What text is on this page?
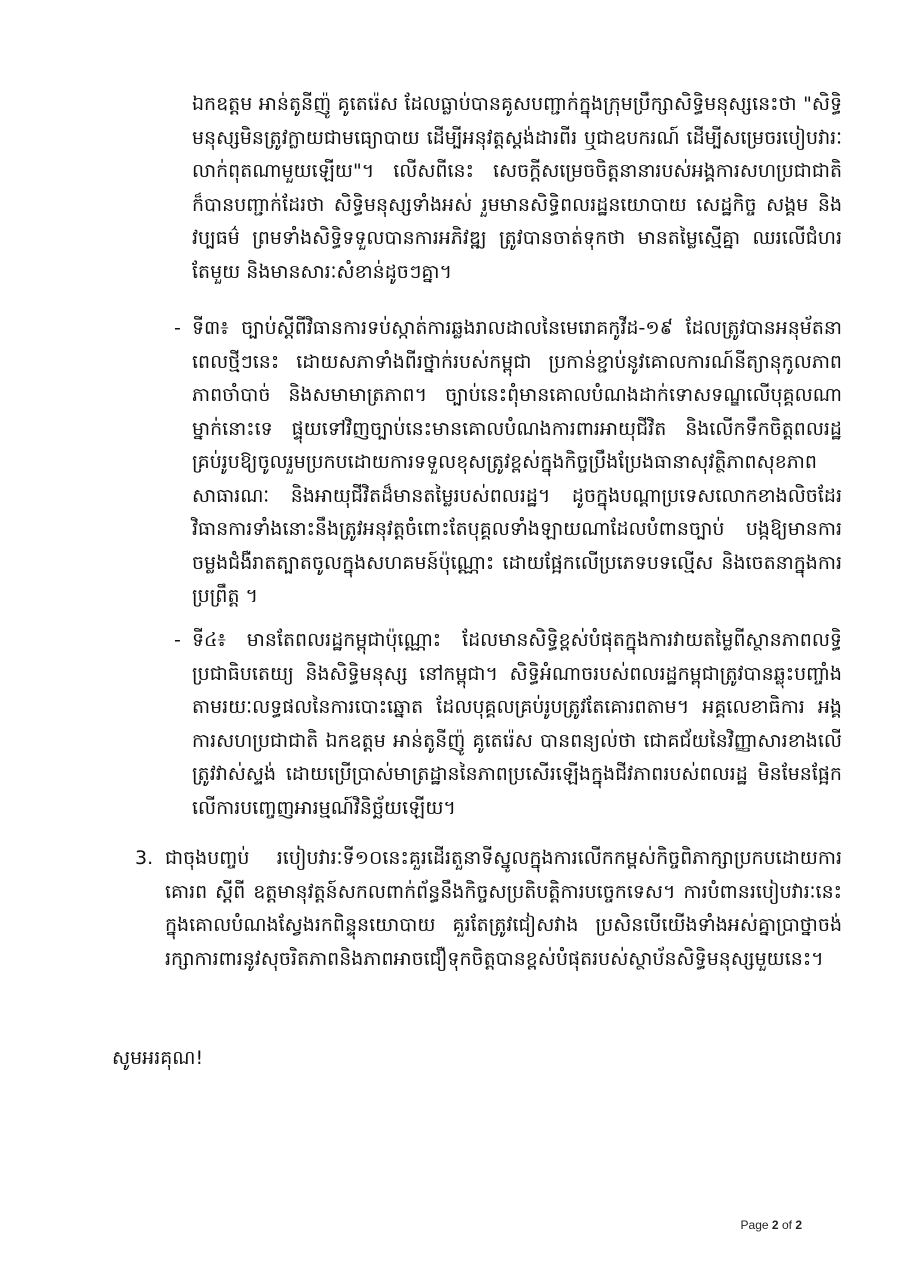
ឯកឧត្តម អាន់តូនីញ៉ូ គូតេរ៉េស ដែលធ្លាប់បានគូសបញ្ជាក់ក្នុងក្រុមប្រឹក្សាសិទ្ធិមនុស្សនេះថា "សិទ្ធិមនុស្សមិនត្រូវក្លាយជាមធ្យោបាយ ដើម្បីអនុវត្តស្តង់ដារពីរ ឬជាឧបករណ៍ ដើម្បីសម្រេចរបៀបវារៈលាក់ពុតណាមួយឡើយ"។ លើសពីនេះ សេចក្តីសម្រេចចិត្តនានារបស់អង្គការសហប្រជាជាតិក៏បានបញ្ជាក់ដែរថា សិទ្ធិមនុស្សទាំងអស់ រួមមានសិទ្ធិពលរដ្ឋនយោបាយ សេដ្ឋកិច្ច សង្គម និងវប្បធម៌ ព្រមទាំងសិទ្ធិទទួលបានការអភិវឌ្ឍ ត្រូវបានចាត់ទុកថា មានតម្លៃស្មើគ្នា ឈរលើជំហរតែមួយ និងមានសារៈសំខាន់ដូចៗគ្នា។
- ទី៣៖ ច្បាប់ស្តីពីវិធានការទប់ស្កាត់ការឆ្លងរាលដាលនៃមេរោគកូវីដ-១៩ ដែលត្រូវបានអនុម័តនាពេលថ្មីៗនេះ ដោយសភាទាំងពីរថ្នាក់របស់កម្ពុជា ប្រកាន់ខ្ជាប់នូវគោលការណ៍នីត្យានុកូលភាព ភាពចាំបាច់ និងសមាមាត្រភាព។ ច្បាប់នេះពុំមានគោលបំណងដាក់ទោសទណ្ឌលើបុគ្គលណាម្នាក់នោះទេ ផ្ទុយទៅវិញច្បាប់នេះមានគោលបំណងការពារអាយុជីវិត និងលើកទឹកចិត្តពលរដ្ឋគ្រប់រូបឱ្យចូលរួមប្រកបដោយការទទួលខុសត្រូវខ្ពស់ក្នុងកិច្ចប្រឹងប្រែងធានាសុវត្ថិភាពសុខភាពសាធារណៈ និងអាយុជីវិតដ៏មានតម្លៃរបស់ពលរដ្ឋ។ ដូចក្នុងបណ្តាប្រទេសលោកខាងលិចដែរ វិធានការទាំងនោះនឹងត្រូវអនុវត្តចំពោះតែបុគ្គលទាំងឡាយណាដែលបំពានច្បាប់ បង្កឱ្យមានការចម្លងជំងឺរាតត្បាតចូលក្នុងសហគមន៍ប៉ុណ្ណោះ ដោយផ្អែកលើប្រភេទបទល្មើស និងចេតនាក្នុងការប្រព្រឹត្ត ។
- ទី៤៖ មានតែពលរដ្ឋកម្ពុជាប៉ុណ្ណោះ ដែលមានសិទ្ធិខ្ពស់បំផុតក្នុងការវាយតម្លៃពីស្ថានភាពលទ្ធិប្រជាធិបតេយ្យ និងសិទ្ធិមនុស្ស នៅកម្ពុជា។ សិទ្ធិអំណាចរបស់ពលរដ្ឋកម្ពុជាត្រូវបានឆ្លុះបញ្ចាំងតាមរយៈលទ្ធផលនៃការបោះឆ្នោត ដែលបុគ្គលគ្រប់រូបត្រូវតែគោរពតាម។ អគ្គលេខាធិការ អង្គការសហប្រជាជាតិ ឯកឧត្តម អាន់តូនីញ៉ូ គូតេរ៉េស បានពន្យល់ថា ជោគជ័យនៃវិញ្ញាសារខាងលើត្រូវវាស់ស្ទង់ ដោយប្រើប្រាស់មាត្រដ្ឋាននៃភាពប្រសើរឡើងក្នុងជីវភាពរបស់ពលរដ្ឋ មិនមែនផ្អែកលើការបញ្ចេញអារម្មណ៍វិនិច្ឆ័យឡើយ។
3. ជាចុងបញ្ចប់ របៀបវារៈទី១០នេះគួរដើរតួនាទីស្នូលក្នុងការលើកកម្ពស់កិច្ចពិភាក្សាប្រកបដោយការគោរព ស្តីពី ឧត្តមានុវត្តន៍សកលពាក់ព័ន្ធនឹងកិច្ចសប្រតិបត្តិការបច្ចេកទេស។ ការបំពានរបៀបវារៈនេះ ក្នុងគោលបំណងស្វែងរកពិន្ទុនយោបាយ គួរតែត្រូវជៀសវាង ប្រសិនបើយើងទាំងអស់គ្នាប្រាថ្នាចង់រក្សាការពារនូវសុចរិតភាពនិងភាពអាចជឿទុកចិត្តបានខ្ពស់បំផុតរបស់ស្ថាប័នសិទ្ធិមនុស្សមួយនេះ។
សូមអរគុណ!
Page 2 of 2
